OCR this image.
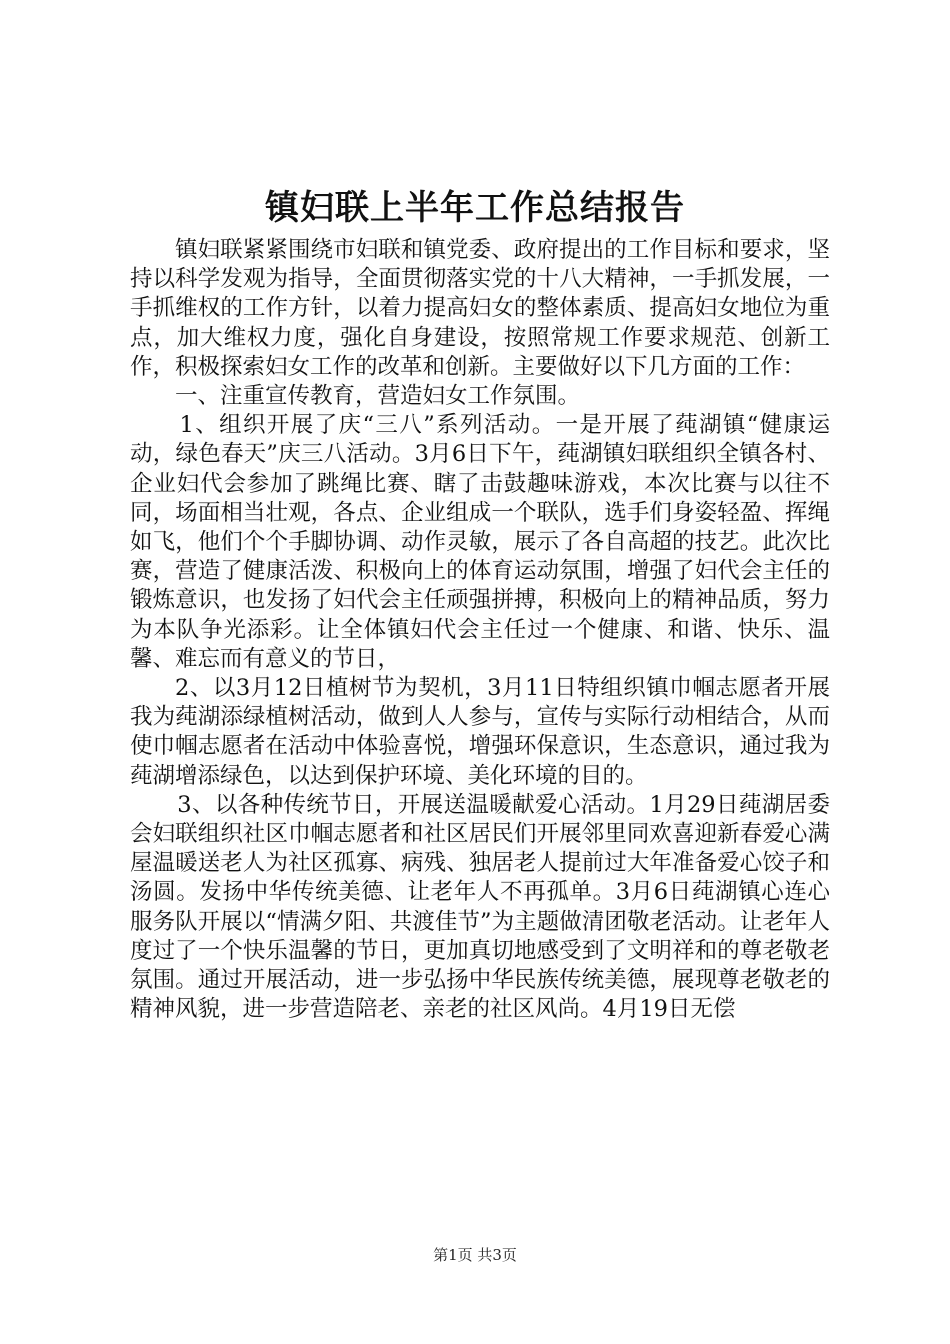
镇妇联上半年工作总结报告

镇妇联紧紧围绕市妇联和镇党委、政府提出的工作目标和要求，坚持以科学发观为指导，全面贯彻落实党的十八大精神，一手抓发展，一手抓维权的工作方针，以着力提高妇女的整体素质、提高妇女地位为重点，加大维权力度，强化自身建设，按照常规工作要求规范、创新工作，积极探索妇女工作的改革和创新。主要做好以下几方面的工作：

一、注重宣传教育，营造妇女工作氛围。

1、组织开展了庆“三八”系列活动。一是开展了莼湖镇“健康运动，绿色春天”庆三八活动。3月6日下午，莼湖镇妇联组织全镇各村、企业妇代会参加了跳绳比赛、瞎了击鼓趣味游戏，本次比赛与以往不同，场面相当壮观，各点、企业组成一个联队，选手们身姿轻盈、挥绳如飞，他们个个手脚协调、动作灵敏，展示了各自高超的技艺。此次比赛，营造了健康活泼、积极向上的体育运动氛围，增强了妇代会主任的锻炼意识，也发扬了妇代会主任顽强拼搏，积极向上的精神品质，努力为本队争光添彩。让全体镇妇代会主任过一个健康、和谐、快乐、温馨、难忘而有意义的节日，

2、以3月12日植树节为契机，3月11日特组织镇巾帼志愿者开展我为莼湖添绿植树活动，做到人人参与，宣传与实际行动相结合，从而使巾帼志愿者在活动中体验喜悦，增强环保意识，生态意识，通过我为莼湖增添绿色，以达到保护环境、美化环境的目的。

3、以各种传统节日，开展送温暖献爱心活动。1月29日莼湖居委会妇联组织社区巾帼志愿者和社区居民们开展邻里同欢喜迎新春爱心满屋温暖送老人为社区孤寡、病残、独居老人提前过大年准备爱心饺子和汤圆。发扬中华传统美德、让老年人不再孤单。3月6日莼湖镇心连心服务队开展以“情满夕阳、共渡佳节”为主题做清团敬老活动。让老年人度过了一个快乐温馨的节日，更加真切地感受到了文明祥和的尊老敬老氛围。通过开展活动，进一步弘扬中华民族传统美德，展现尊老敬老的精神风貌，进一步营造陪老、亲老的社区风尚。4月19日无偿

第1页 共3页
